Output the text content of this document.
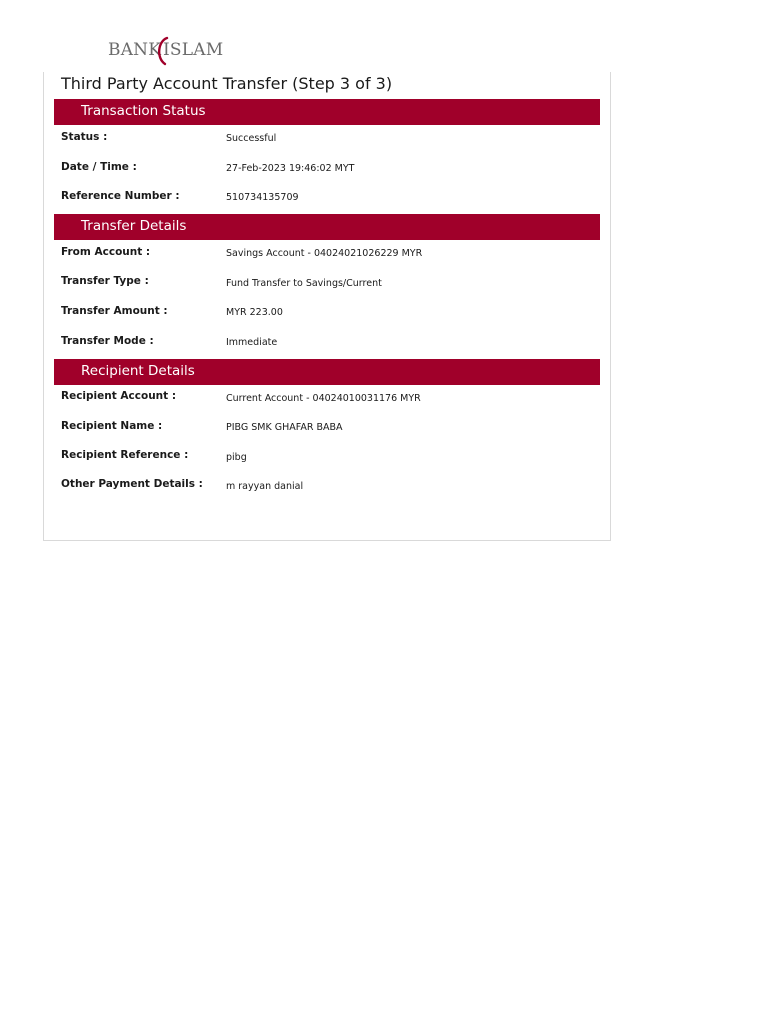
BANK ISLAM
Third Party Account Transfer (Step 3 of 3)
Transaction Status
Status :	Successful
Date / Time :	27-Feb-2023 19:46:02 MYT
Reference Number :	510734135709
Transfer Details
From Account :	Savings Account - 04024021026229 MYR
Transfer Type :	Fund Transfer to Savings/Current
Transfer Amount :	MYR 223.00
Transfer Mode :	Immediate
Recipient Details
Recipient Account :	Current Account - 04024010031176 MYR
Recipient Name :	PIBG SMK GHAFAR BABA
Recipient Reference :	pibg
Other Payment Details : m rayyan danial
